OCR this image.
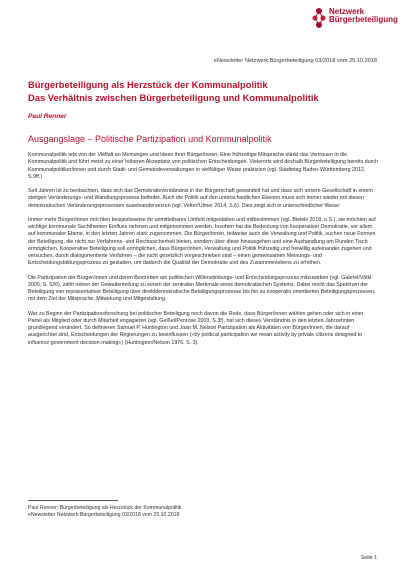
Netzwerk
Bürgerbeteiligung
eNewsletter Netzwerk Bürgerbeteiligung 03/2018 vom 25.10.2018
Bürgerbeteiligung als Herzstück der Kommunalpolitik
Das Verhältnis zwischen Bürgerbeteiligung und Kommunalpolitik
Paul Renner
Ausgangslage – Politische Partizipation und Kommunalpolitik

Kommunalpolitik lebt von der Vielfalt an Meinungen und Ideen ihrer Bürger/innen. Eine frühzeitige Mitsprache stärkt das Vertrauen in die Kommunalpolitik und führt meist zu einer höheren Akzeptanz von politischen Entscheidungen. Vielerorts wird deshalb Bürgerbeteiligung bereits durch Kommunalpolitiker/innen und durch Stadt- und Gemeindeverwaltungen in vielfältiger Weise praktiziert (vgl. Städtetag Baden-Württemberg 2012, S.9ff.)

Seit Jahren ist zu beobachten, dass sich das Demokratieverständnis in der Bürgerschaft gewandelt hat und dass sich unsere Gesellschaft in einem stetigen Veränderungs- und Wandlungsprozess befindet. Auch die Politik auf den unterschiedlichen Ebenen muss sich immer wieder mit diesen demokratischen Veränderungsprozessen auseinandersetzen (vgl. Vetter/Ulmer 2014, S.6). Dies zeigt sich in unterschiedlicher Weise:

Immer mehr Bürger/innen möchten beispielsweise ihr unmittelbares Umfeld mitgestalten und mitbestimmen (vgl. Bieleki 2018, o.S.), sie möchten auf wichtige kommunale Sachthemen Einfluss nehmen und mitgenommen werden. Insofern hat die Bedeutung von kooperativer Demokratie, vor allem auf kommunaler Ebene, in den letzten Jahren stark zugenommen. Die Bürger/innen, teilweise auch die Verwaltung und Politik, suchen neue Formen der Beteiligung, die nicht nur Verfahrens- und Rechtssicherheit bieten, sondern über diese hinausgehen und eine Aushandlung am Runden Tisch ermöglichen. Kooperative Beteiligung soll ermöglichen, dass Bürger/innen, Verwaltung und Politik frühzeitig und freiwillig aufeinander zugehen und versuchen, durch dialogorientierte Verfahren – die nicht gesetzlich vorgeschrieben sind – einen gemeinsamen Meinungs- und Entscheidungsbildungsprozess zu gestalten, um dadurch die Qualität der Demokratie und des Zusammenlebens zu erhöhen.

Die Partizipation der Bürger/innen und deren Bestreben am politischen Willensbildungs- und Entscheidungsprozess mitzuwirken (vgl. Gabriel/Völkl 2005, S. 526), zählt neben der Gewaltenteilung zu einem der zentralen Merkmale eines demokratischen Systems. Dabei reicht das Spektrum der Beteiligung von repräsentativer Beteiligung über direktdemokratische Beteiligungsprozesse bis hin zu kooperativ orientierten Beteiligungsprozessen, mit dem Ziel der Mitsprache, Mitwirkung und Mitgestaltung.

War zu Beginn der Partizipationsforschung bei politischer Beteiligung noch davon die Rede, dass Bürger/innen wählen gehen oder sich in einer Partei als Mitglied oder durch Mitarbeit engagieren (vgl. Geißel/Penrose 2003, S.3f), hat sich dieses Verständnis in den letzten Jahrzehnten grundlegend verändert. So definieren Samuel P. Huntington und Joan M. Nelson Partizipation als Aktivitäten von Bürger/innen, die darauf ausgerichtet sind, Entscheidungen der Regierungen zu beeinflussen (»by political participation we mean activity by private citizens designed to influence government decision-making«) (Huntington/Nelson 1976, S. 3).

Paul Renner: Bürgerbeteiligung als Herzstück der Kommunalpolitik
eNewsletter Netzwerk Bürgerbeteiligung 03/2018 vom 25.10.2018
Seite 1
